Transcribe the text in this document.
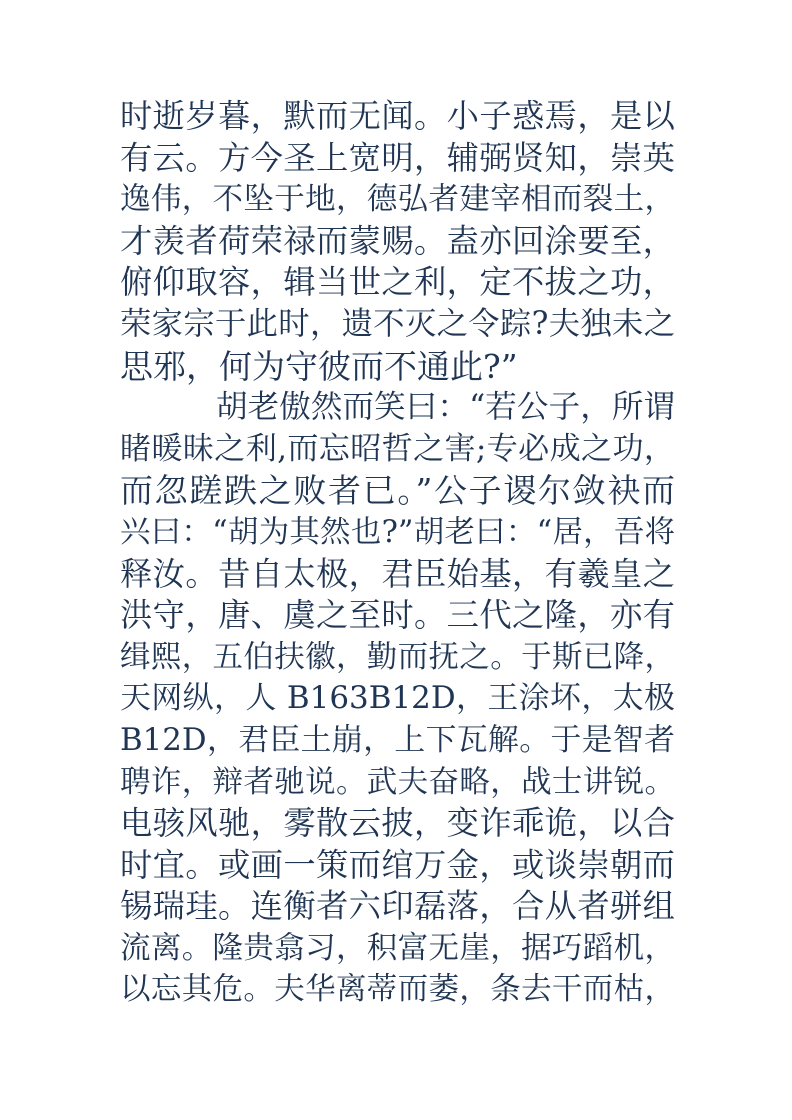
时逝岁暮，默而无闻。小子惑焉，是以
有云。方今圣上宽明，辅弼贤知，崇英
逸伟，不坠于地，德弘者建宰相而裂土，
才羡者荷荣禄而蒙赐。盍亦回涂要至，
俯仰取容，辑当世之利，定不拔之功，
荣家宗于此时，遗不灭之令踪?夫独未之
思邪，何为守彼而不通此?”
胡老傲然而笑曰：“若公子，所谓
睹暖昧之利,而忘昭哲之害;专必成之功，
而忽蹉跌之败者已。”公子谡尔敛袂而
兴曰：“胡为其然也?”胡老曰：“居，吾将
释汝。昔自太极，君臣始基，有羲皇之
洪守，唐、虞之至时。三代之隆，亦有
缉熙，五伯扶徽，勤而抚之。于斯已降，
天网纵，人 B163B12D，王涂坏，太极
B12D，君臣土崩，上下瓦解。于是智者
聘诈，辩者驰说。武夫奋略，战士讲锐。
电骇风驰，雾散云披，变诈乖诡，以合
时宜。或画一策而绾万金，或谈崇朝而
锡瑞珪。连衡者六印磊落，合从者骈组
流离。隆贵翕习，积富无崖，据巧蹈机，
以忘其危。夫华离蒂而萎，条去干而枯，
